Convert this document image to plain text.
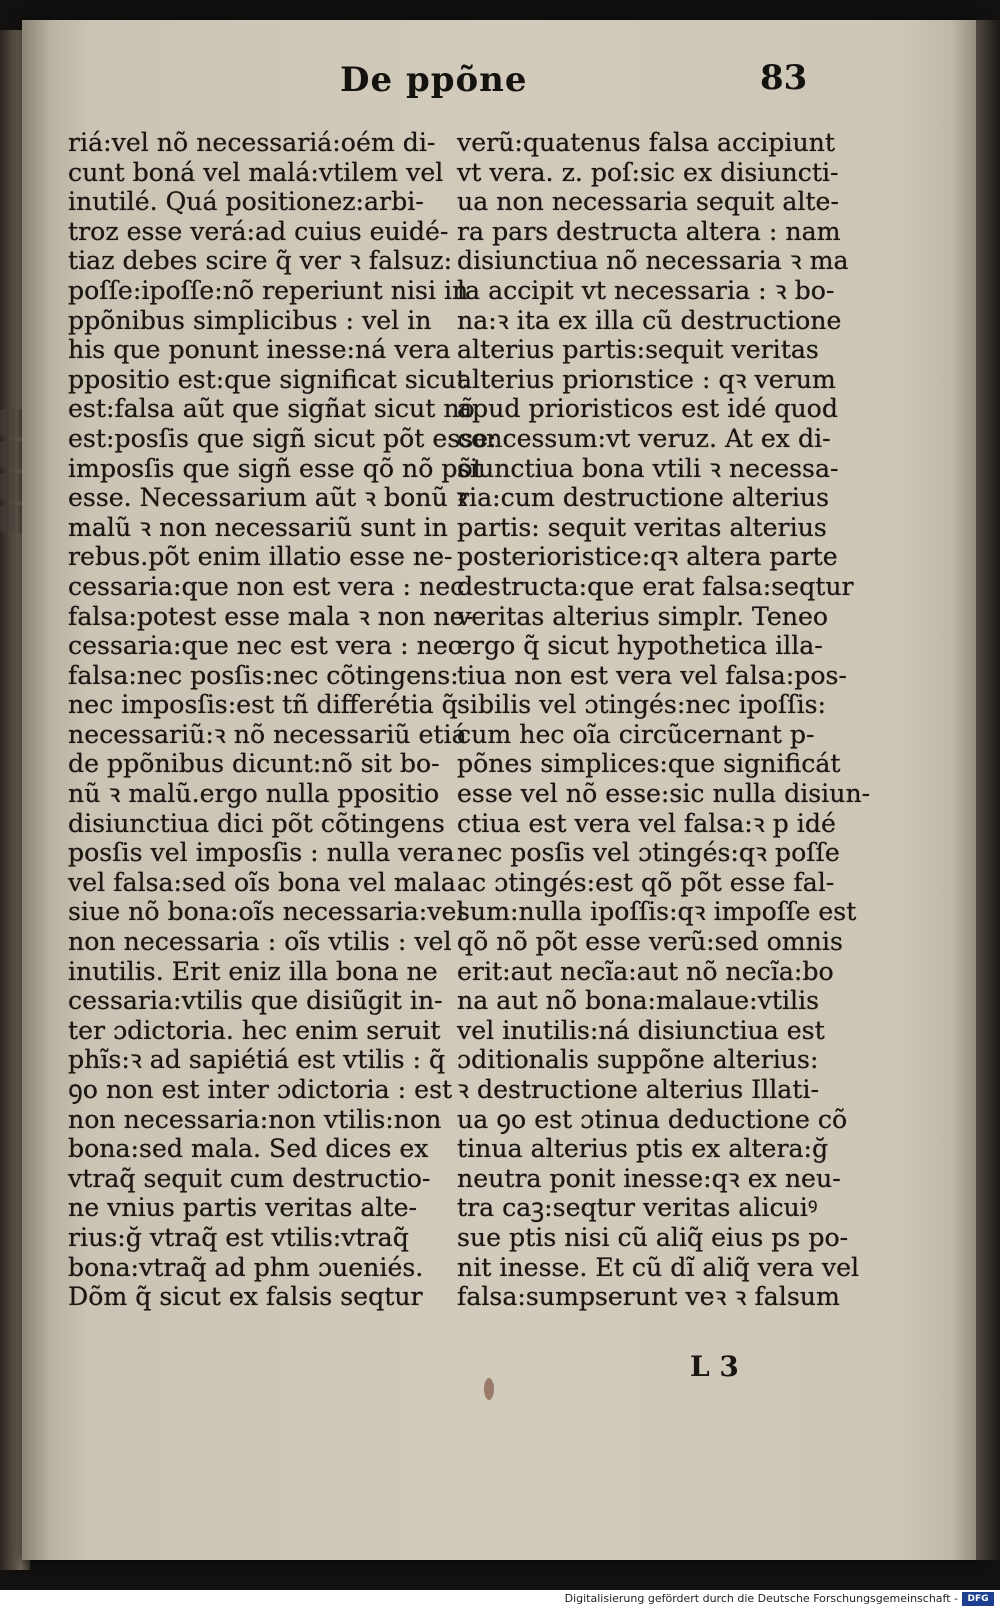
De ppõne	83
riá:vel nõ necessariá:oém di-
cunt boná vel malá:vtilem vel
inutilé. Quá positionez:arbi-
troz esse verá:ad cuius euidé-
tiaz debes scire q̃ ver ꝛ falsuz:
poſſe:ipoſſe:nõ reperiunt nisi in
ppõnibus simplicibus : vel in
his que ponunt inesse:ná vera
ppositio est:que significat sicut
est:falsa aũt que sigñat sicut nõ
est:posſis que sigñ sicut põt esse:
imposſis que sigñ esse qõ nõ põt
esse. Necessarium aũt ꝛ bonũ ꝛ
malũ ꝛ non necessariũ sunt in
rebus.põt enim illatio esse ne-
cessaria:que non est vera : nec
falsa:potest esse mala ꝛ non ne-
cessaria:que nec est vera : nec
falsa:nec posſis:nec cõtingens:
nec imposſis:est tñ differétia q̃
necessariũ:ꝛ nõ necessariũ etiá
de ppõnibus dicunt:nõ sit bo-
nũ ꝛ malũ.ergo nulla ppositio
disiunctiua dici põt cõtingens
posſis vel imposſis : nulla vera
vel falsa:sed oĩs bona vel mala
siue nõ bona:oĩs necessaria:vel
non necessaria : oĩs vtilis : vel
inutilis. Erit eniz illa bona ne
cessaria:vtilis que disiũgit in-
ter ɔdictoria. hec enim seruit
phĩs:ꝛ ad sapiétiá est vtilis : q̃
ꝯo non est inter ɔdictoria : est
non necessaria:non vtilis:non
bona:sed mala. Sed dices ex
vtraq̃ sequit cum destructio-
ne vnius partis veritas alte-
rius:ğ vtraq̃ est vtilis:vtraq̃
bona:vtraq̃ ad phm ɔueniés.
Dõm q̃ sicut ex falsis seqtur
verũ:quatenus falsa accipiunt
vt vera. z. poſ:sic ex disiuncti-
ua non necessaria sequit alte-
ra pars destructa altera : nam
disiunctiua nõ necessaria ꝛ ma
la accipit vt necessaria : ꝛ bo-
na:ꝛ ita ex illa cũ destructione
alterius partis:sequit veritas
alterius priorıstice : qꝛ verum
apud prioristicos est idé quod
concessum:vt veruz. At ex di-
siunctiua bona vtili ꝛ necessa-
ria:cum destructione alterius
partis: sequit veritas alterius
posterioristice:qꝛ altera parte
destructa:que erat falsa:seqtur
veritas alterius simplr. Teneo
ergo q̃ sicut hypothetica illa-
tiua non est vera vel falsa:pos-
sibilis vel ɔtingés:nec ipoſſis:
cum hec oĩa circũcernant p-
põnes simplices:que significát
esse vel nõ esse:sic nulla disiun-
ctiua est vera vel falsa:ꝛ p idé
nec posſis vel ɔtingés:qꝛ poſſe
ac ɔtingés:est qõ põt esse fal-
sum:nulla ipoſſis:qꝛ impoſſe est
qõ nõ põt esse verũ:sed omnis
erit:aut necĩa:aut nõ necĩa:bo
na aut nõ bona:malaue:vtilis
vel inutilis:ná disiunctiua est
ɔditionalis suppõne alterius:
ꝛ destructione alterius Illati-
ua ꝯo est ɔtinua deductione cõ
tinua alterius ptis ex altera:ğ
neutra ponit inesse:qꝛ ex neu-
tra caꝫ:seqtur veritas alicuiꝰ
sue ptis nisi cũ aliq̃ eius ps po-
nit inesse. Et cũ dĩ aliq̃ vera vel
falsa:sumpserunt veꝛ ꝛ falsum
L 3
Digitalisierung gefördert durch die Deutsche Forschungsgemeinschaft -	DFG
